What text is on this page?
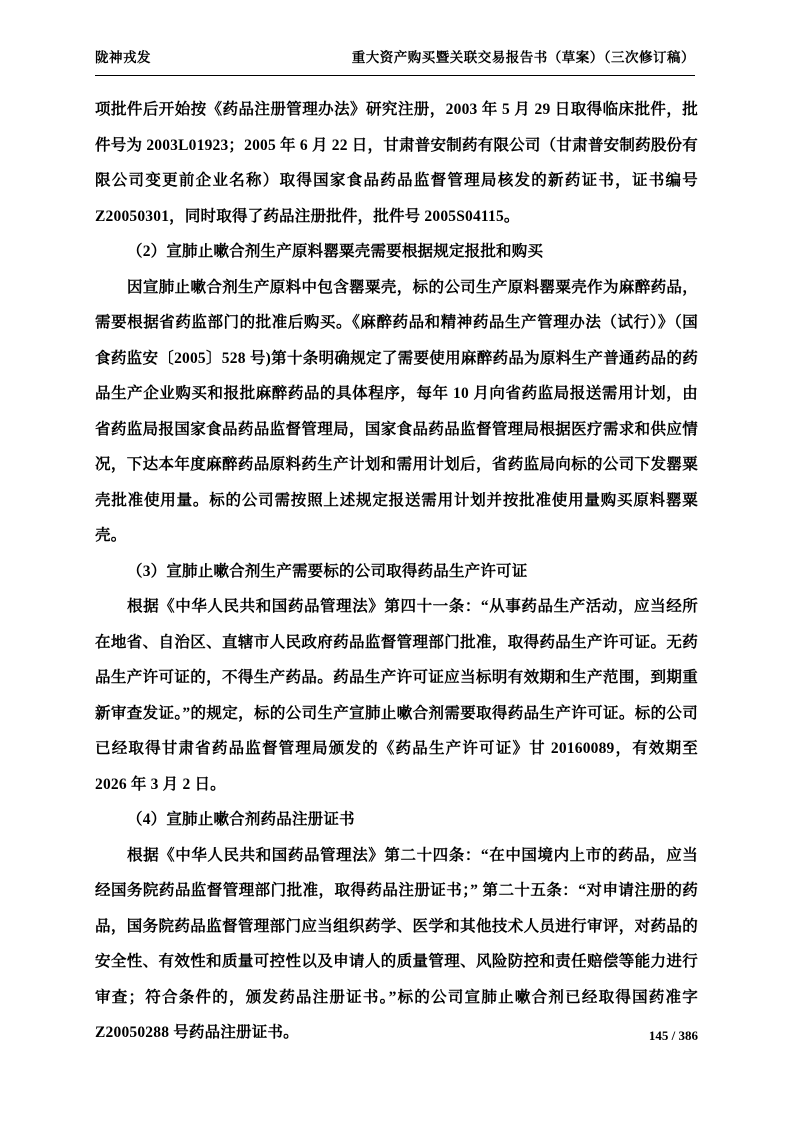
陇神戎发	重大资产购买暨关联交易报告书（草案）（三次修订稿）

项批件后开始按《药品注册管理办法》研究注册，2003 年 5 月 29 日取得临床批件，批件号为 2003L01923；2005 年 6 月 22 日，甘肃普安制药有限公司（甘肃普安制药股份有限公司变更前企业名称）取得国家食品药品监督管理局核发的新药证书，证书编号 Z20050301，同时取得了药品注册批件，批件号 2005S04115。

（2）宣肺止嗽合剂生产原料罂粟壳需要根据规定报批和购买

因宣肺止嗽合剂生产原料中包含罂粟壳，标的公司生产原料罂粟壳作为麻醉药品，需要根据省药监部门的批准后购买。《麻醉药品和精神药品生产管理办法（试行）》（国食药监安〔2005〕528 号)第十条明确规定了需要使用麻醉药品为原料生产普通药品的药品生产企业购买和报批麻醉药品的具体程序，每年 10 月向省药监局报送需用计划，由省药监局报国家食品药品监督管理局，国家食品药品监督管理局根据医疗需求和供应情况，下达本年度麻醉药品原料药生产计划和需用计划后，省药监局向标的公司下发罂粟壳批准使用量。标的公司需按照上述规定报送需用计划并按批准使用量购买原料罂粟壳。

（3）宣肺止嗽合剂生产需要标的公司取得药品生产许可证

根据《中华人民共和国药品管理法》第四十一条：“从事药品生产活动，应当经所在地省、自治区、直辖市人民政府药品监督管理部门批准，取得药品生产许可证。无药品生产许可证的，不得生产药品。药品生产许可证应当标明有效期和生产范围，到期重新审查发证。”的规定，标的公司生产宣肺止嗽合剂需要取得药品生产许可证。标的公司已经取得甘肃省药品监督管理局颁发的《药品生产许可证》甘 20160089，有效期至 2026 年 3 月 2 日。

（4）宣肺止嗽合剂药品注册证书

根据《中华人民共和国药品管理法》第二十四条：“在中国境内上市的药品，应当经国务院药品监督管理部门批准，取得药品注册证书；” 第二十五条：“对申请注册的药品，国务院药品监督管理部门应当组织药学、医学和其他技术人员进行审评，对药品的安全性、有效性和质量可控性以及申请人的质量管理、风险防控和责任赔偿等能力进行审查；符合条件的，颁发药品注册证书。”标的公司宣肺止嗽合剂已经取得国药准字 Z20050288 号药品注册证书。	145 / 386
